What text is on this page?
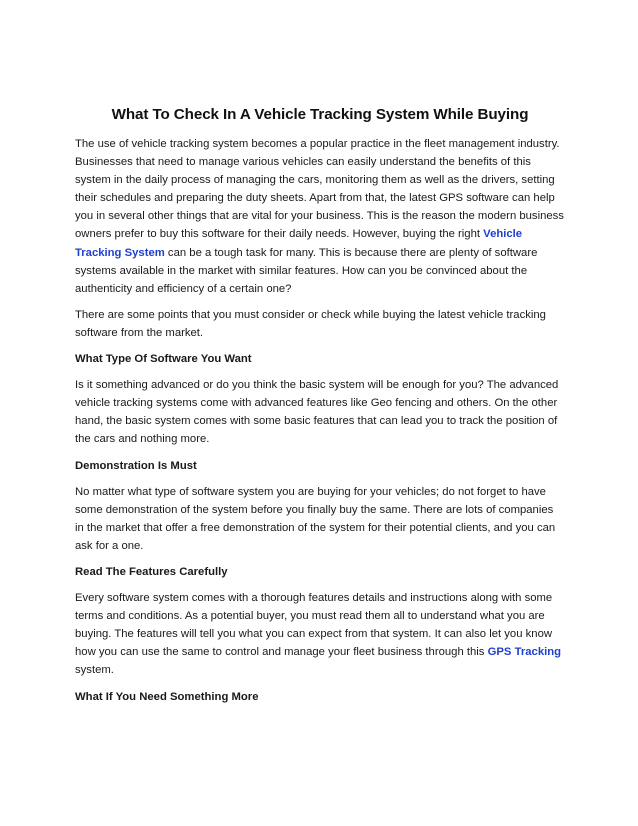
What To Check In A Vehicle Tracking System While Buying

The use of vehicle tracking system becomes a popular practice in the fleet management industry. Businesses that need to manage various vehicles can easily understand the benefits of this system in the daily process of managing the cars, monitoring them as well as the drivers, setting their schedules and preparing the duty sheets. Apart from that, the latest GPS software can help you in several other things that are vital for your business. This is the reason the modern business owners prefer to buy this software for their daily needs. However, buying the right Vehicle Tracking System can be a tough task for many. This is because there are plenty of software systems available in the market with similar features. How can you be convinced about the authenticity and efficiency of a certain one?

There are some points that you must consider or check while buying the latest vehicle tracking software from the market.

What Type Of Software You Want

Is it something advanced or do you think the basic system will be enough for you? The advanced vehicle tracking systems come with advanced features like Geo fencing and others. On the other hand, the basic system comes with some basic features that can lead you to track the position of the cars and nothing more.

Demonstration Is Must

No matter what type of software system you are buying for your vehicles; do not forget to have some demonstration of the system before you finally buy the same. There are lots of companies in the market that offer a free demonstration of the system for their potential clients, and you can ask for a one.

Read The Features Carefully

Every software system comes with a thorough features details and instructions along with some terms and conditions. As a potential buyer, you must read them all to understand what you are buying. The features will tell you what you can expect from that system. It can also let you know how you can use the same to control and manage your fleet business through this GPS Tracking system.

What If You Need Something More
